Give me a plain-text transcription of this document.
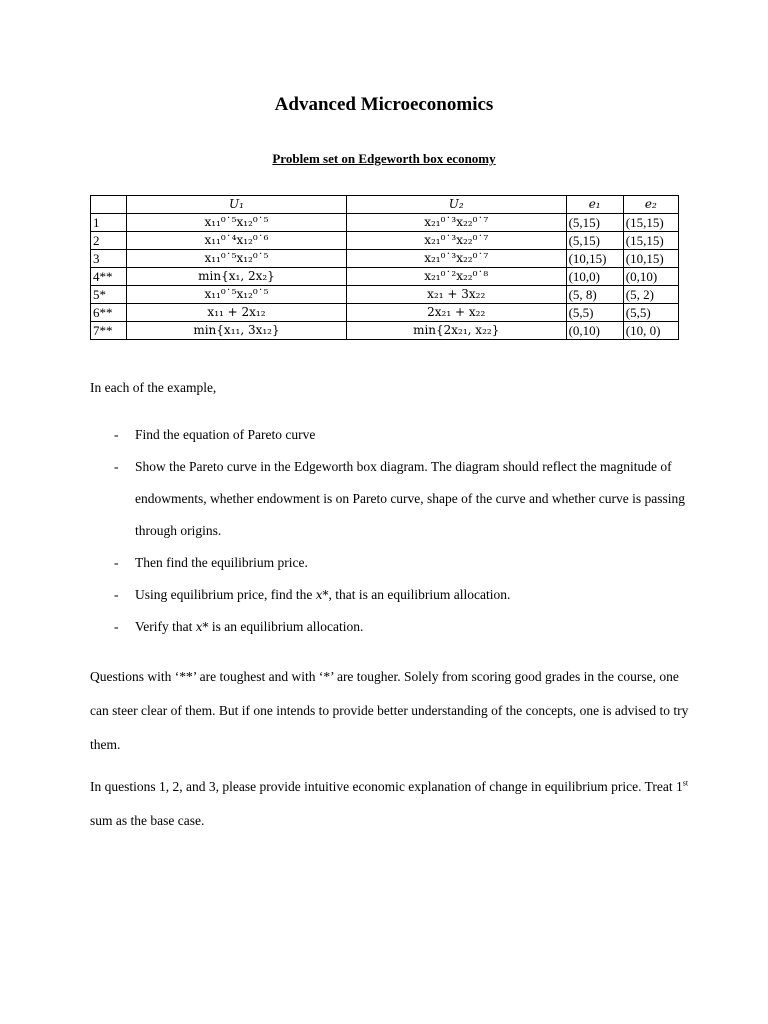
Advanced Microeconomics
Problem set on Edgeworth box economy
	U₁	U₂	e₁	e₂
1	x₁₁⁰˙⁵x₁₂⁰˙⁵	x₂₁⁰˙³x₂₂⁰˙⁷	(5,15)	(15,15)
2	x₁₁⁰˙⁴x₁₂⁰˙⁶	x₂₁⁰˙³x₂₂⁰˙⁷	(5,15)	(15,15)
3	x₁₁⁰˙⁵x₁₂⁰˙⁵	x₂₁⁰˙³x₂₂⁰˙⁷	(10,15)	(10,15)
4**	min{x₁, 2x₂}	x₂₁⁰˙²x₂₂⁰˙⁸	(10,0)	(0,10)
5*	x₁₁⁰˙⁵x₁₂⁰˙⁵	x₂₁ + 3x₂₂	(5, 8)	(5, 2)
6**	x₁₁ + 2x₁₂	2x₂₁ + x₂₂	(5,5)	(5,5)
7**	min{x₁₁, 3x₁₂}	min{2x₂₁, x₂₂}	(0,10)	(10, 0)
In each of the example,
- Find the equation of Pareto curve
- Show the Pareto curve in the Edgeworth box diagram. The diagram should reflect the magnitude of endowments, whether endowment is on Pareto curve, shape of the curve and whether curve is passing through origins.
- Then find the equilibrium price.
- Using equilibrium price, find the x*, that is an equilibrium allocation.
- Verify that x* is an equilibrium allocation.
Questions with ‘**’ are toughest and with ‘*’ are tougher. Solely from scoring good grades in the course, one can steer clear of them. But if one intends to provide better understanding of the concepts, one is advised to try them.
In questions 1, 2, and 3, please provide intuitive economic explanation of change in equilibrium price. Treat 1st sum as the base case.
